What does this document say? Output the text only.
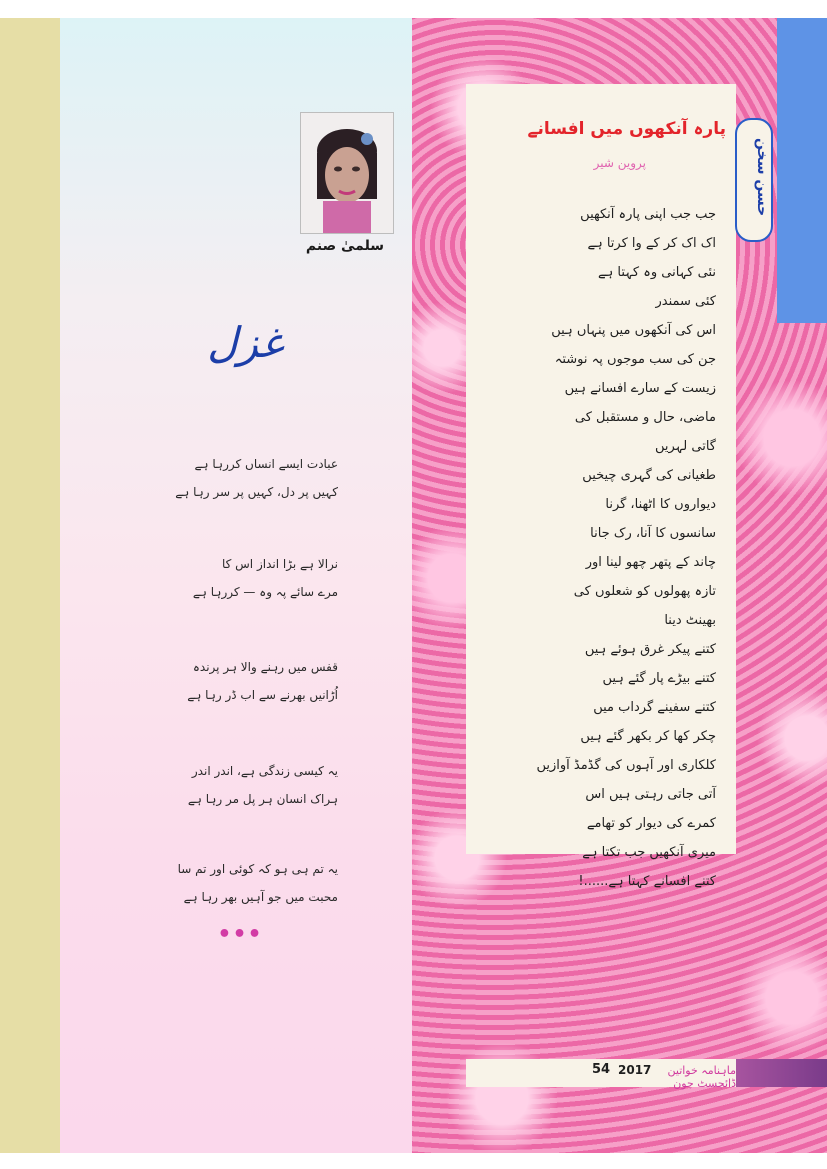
سلمیٰ صنم
غزل
عبادت ایسے انساں کررہا ہے
کہیں پر دل، کہیں پر سر رہا ہے
نرالا ہے بڑا انداز اس کا
مرے سائے پہ وہ — کررہا ہے
قفس میں رہنے والا ہر پرندہ
اُڑانیں بھرنے سے اب ڈر رہا ہے
یہ کیسی زندگی ہے، اندر اندر
ہراک انسان ہر پل مر رہا ہے
یہ تم ہی ہو کہ کوئی اور تم سا
محبت میں جو آہیں بھر رہا ہے
•••
حسن سخن
پارہ آنکھوں میں افسانے
پروین شیر
جب جب اپنی پارہ آنکھیں
اک اک کر کے وا کرتا ہے
نئی کہانی وہ کہتا ہے
کئی سمندر
اس کی آنکھوں میں پنہاں ہیں
جن کی سب موجوں پہ نوشتہ
زیست کے سارے افسانے ہیں
ماضی، حال و مستقبل کی
گاتی لہریں
طغیانی کی گہری چیخیں
دیواروں کا اٹھنا، گرنا
سانسوں کا آنا، رک جانا
چاند کے پتھر چھو لینا اور
تازہ پھولوں کو شعلوں کی
بھینٹ دینا
کتنے پیکر غرق ہوئے ہیں
کتنے بیڑے پار گئے ہیں
کتنے سفینے گرداب میں
چکر کھا کر بکھر گئے ہیں
کلکاری اور آہوں کی گڈمڈ آوازیں
آتی جاتی رہتی ہیں اس
کمرے کی دیوار کو تھامے
میری آنکھیں جب تکتا ہے
کتنے افسانے کہتا ہے......!
54 2017	ماہنامہ خواتین ڈائجسٹ جون
